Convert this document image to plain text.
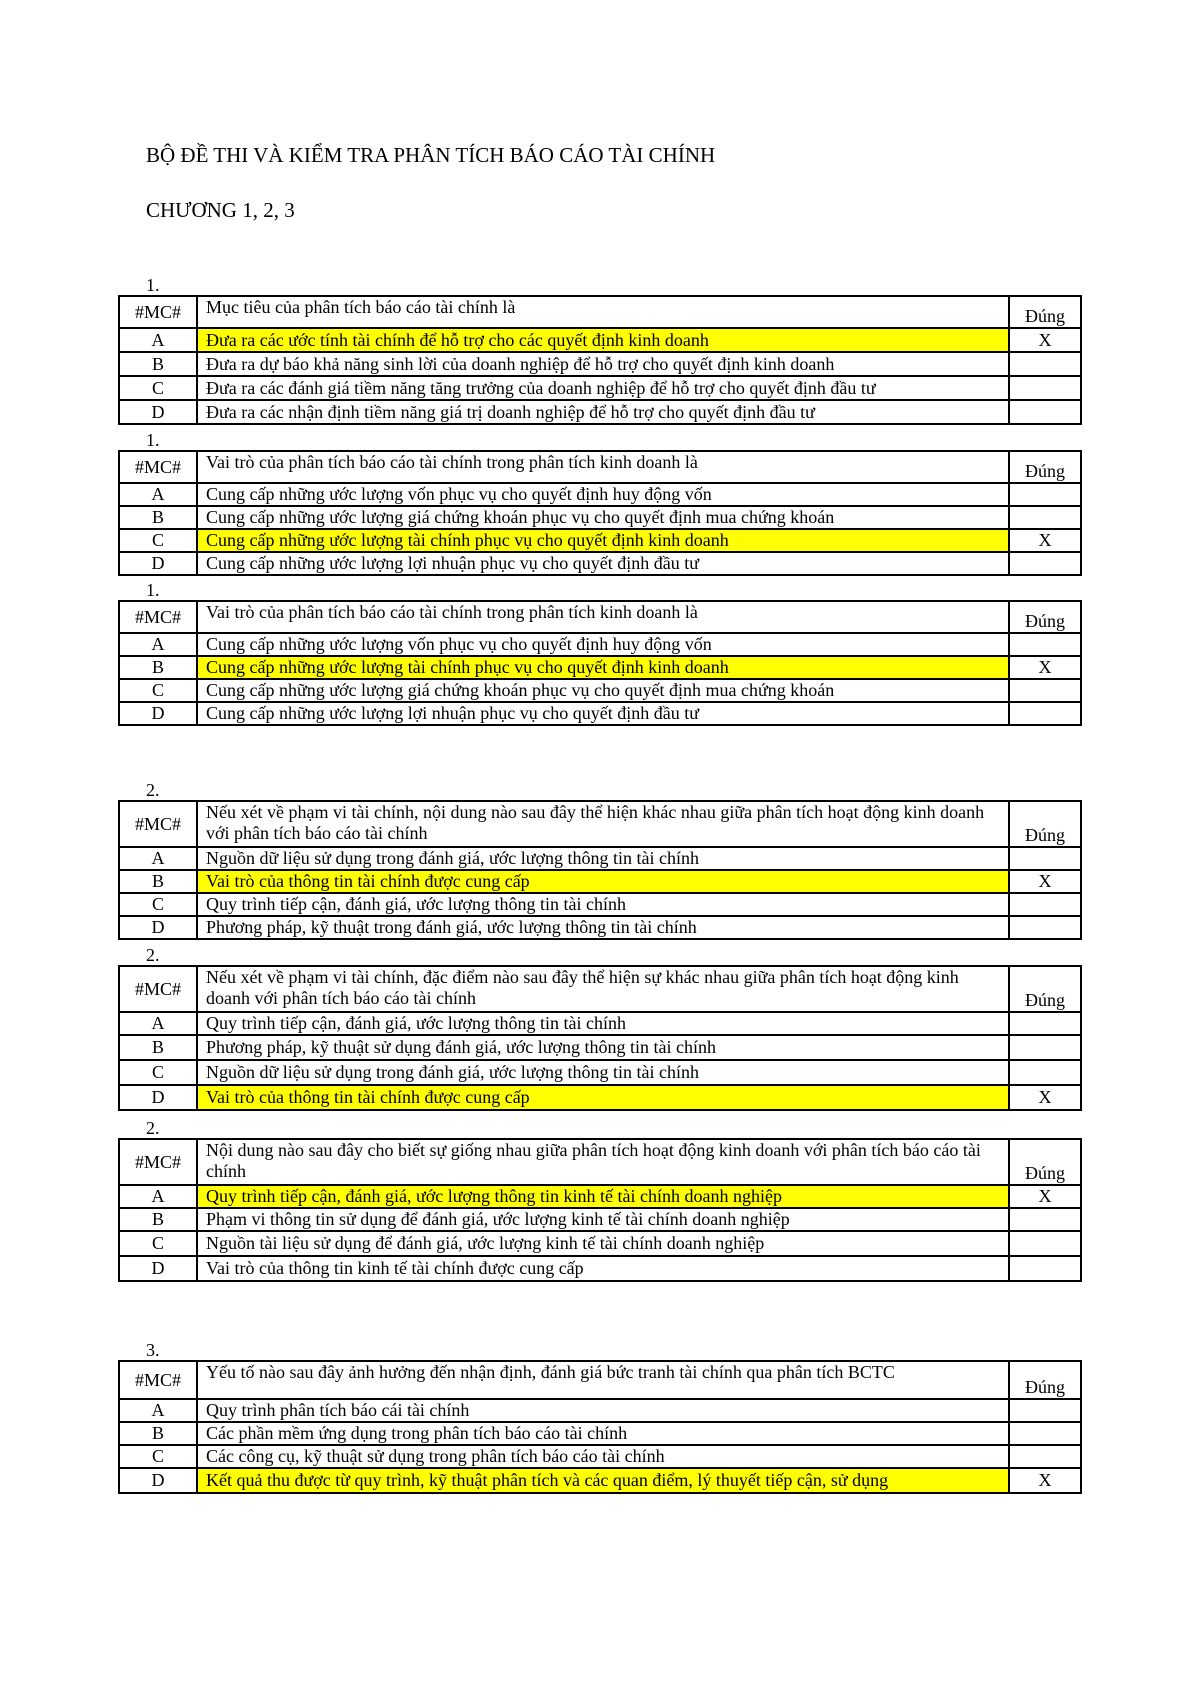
BỘ ĐỀ THI VÀ KIỂM TRA PHÂN TÍCH BÁO CÁO TÀI CHÍNH
CHƯƠNG 1, 2, 3
1.
#MC#	Mục tiêu của phân tích báo cáo tài chính là	Đúng
A	Đưa ra các ước tính tài chính để hỗ trợ cho các quyết định kinh doanh	X
B	Đưa ra dự báo khả năng sinh lời của doanh nghiệp để hỗ trợ cho quyết định kinh doanh	
C	Đưa ra các đánh giá tiềm năng tăng trưởng của doanh nghiệp để hỗ trợ cho quyết định đầu tư	
D	Đưa ra các nhận định tiềm năng giá trị doanh nghiệp để hỗ trợ cho quyết định đầu tư	
1.
#MC#	Vai trò của phân tích báo cáo tài chính trong phân tích kinh doanh là	Đúng
A	Cung cấp những ước lượng vốn phục vụ cho quyết định huy động vốn	
B	Cung cấp những ước lượng giá chứng khoán phục vụ cho quyết định mua chứng khoán	
C	Cung cấp những ước lượng tài chính phục vụ cho quyết định kinh doanh	X
D	Cung cấp những ước lượng lợi nhuận phục vụ cho quyết định đầu tư	
1.
#MC#	Vai trò của phân tích báo cáo tài chính trong phân tích kinh doanh là	Đúng
A	Cung cấp những ước lượng vốn phục vụ cho quyết định huy động vốn	
B	Cung cấp những ước lượng tài chính phục vụ cho quyết định kinh doanh	X
C	Cung cấp những ước lượng giá chứng khoán phục vụ cho quyết định mua chứng khoán	
D	Cung cấp những ước lượng lợi nhuận phục vụ cho quyết định đầu tư	
2.
#MC#	Nếu xét về phạm vi tài chính, nội dung nào sau đây thể hiện khác nhau giữa phân tích hoạt động kinh doanh với phân tích báo cáo tài chính	Đúng
A	Nguồn dữ liệu sử dụng trong đánh giá, ước lượng thông tin tài chính	
B	Vai trò của thông tin tài chính được cung cấp	X
C	Quy trình tiếp cận, đánh giá, ước lượng thông tin tài chính	
D	Phương pháp, kỹ thuật trong đánh giá, ước lượng thông tin tài chính	
2.
#MC#	Nếu xét về phạm vi tài chính, đặc điểm nào sau đây thể hiện sự khác nhau giữa phân tích hoạt động kinh doanh với phân tích báo cáo tài chính	Đúng
A	Quy trình tiếp cận, đánh giá, ước lượng thông tin tài chính	
B	Phương pháp, kỹ thuật sử dụng đánh giá, ước lượng thông tin tài chính	
C	Nguồn dữ liệu sử dụng trong đánh giá, ước lượng thông tin tài chính	
D	Vai trò của thông tin tài chính được cung cấp	X
2.
#MC#	Nội dung nào sau đây cho biết sự giống nhau giữa phân tích hoạt động kinh doanh với phân tích báo cáo tài chính	Đúng
A	Quy trình tiếp cận, đánh giá, ước lượng thông tin kinh tế tài chính doanh nghiệp	X
B	Phạm vi thông tin sử dụng để đánh giá, ước lượng kinh tế tài chính doanh nghiệp	
C	Nguồn tài liệu sử dụng để đánh giá, ước lượng kinh tế tài chính doanh nghiệp	
D	Vai trò của thông tin kinh tế tài chính được cung cấp	
3.
#MC#	Yếu tố nào sau đây ảnh hưởng đến nhận định, đánh giá bức tranh tài chính qua phân tích BCTC	Đúng
A	Quy trình phân tích báo cái tài chính	
B	Các phần mềm ứng dụng trong phân tích báo cáo tài chính	
C	Các công cụ, kỹ thuật sử dụng trong phân tích báo cáo tài chính	
D	Kết quả thu được từ quy trình, kỹ thuật phân tích và các quan điểm, lý thuyết tiếp cận, sử dụng	X
